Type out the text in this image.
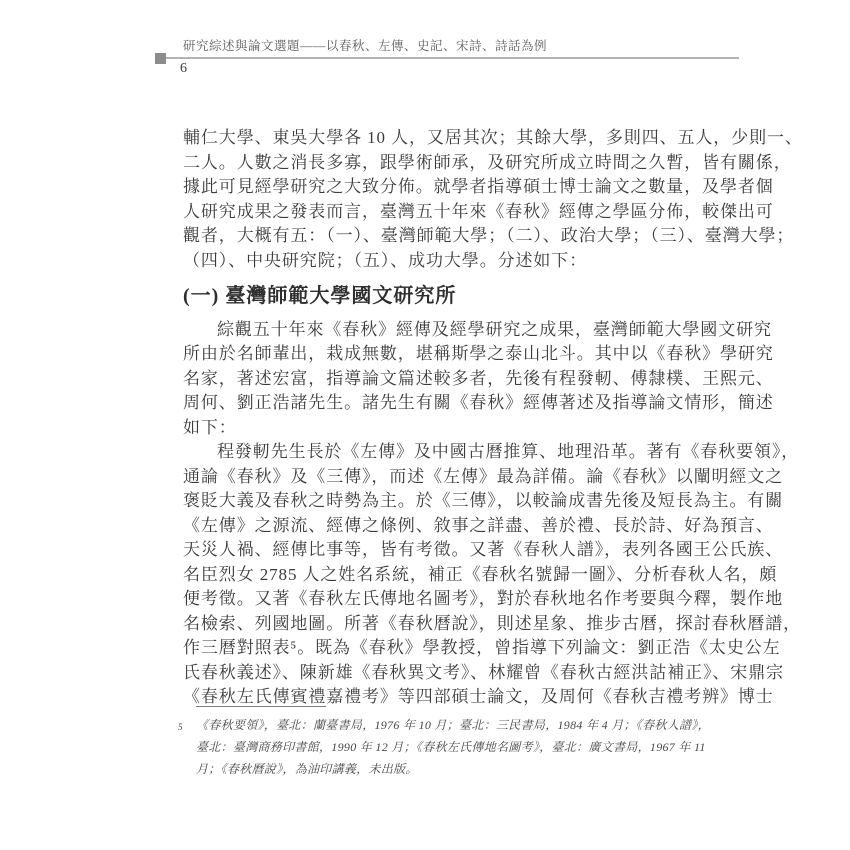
研究綜述與論文選題——以春秋、左傳、史記、宋詩、詩話為例
6
輔仁大學、東吳大學各 10 人，又居其次；其餘大學，多則四、五人，少則一、
二人。人數之消長多寡，跟學術師承，及研究所成立時間之久暫，皆有關係，
據此可見經學研究之大致分佈。就學者指導碩士博士論文之數量，及學者個
人研究成果之發表而言，臺灣五十年來《春秋》經傳之學區分佈，較傑出可
觀者，大概有五：（一）、臺灣師範大學；（二）、政治大學；（三）、臺灣大學；
（四）、中央研究院；（五）、成功大學。分述如下：
(一) 臺灣師範大學國文研究所
綜觀五十年來《春秋》經傳及經學研究之成果，臺灣師範大學國文研究
所由於名師輩出，栽成無數，堪稱斯學之泰山北斗。其中以《春秋》學研究
名家，著述宏富，指導論文篇述較多者，先後有程發軔、傅隸樸、王熙元、
周何、劉正浩諸先生。諸先生有關《春秋》經傳著述及指導論文情形，簡述
如下：
程發軔先生長於《左傳》及中國古曆推算、地理沿革。著有《春秋要領》，
通論《春秋》及《三傳》，而述《左傳》最為詳備。論《春秋》以闡明經文之
褒貶大義及春秋之時勢為主。於《三傳》，以較論成書先後及短長為主。有關
《左傳》之源流、經傳之條例、敘事之詳盡、善於禮、長於詩、好為預言、
天災人禍、經傳比事等，皆有考徵。又著《春秋人譜》，表列各國王公氏族、
名臣烈女 2785 人之姓名系統，補正《春秋名號歸一圖》、分析春秋人名，頗
便考徵。又著《春秋左氏傳地名圖考》，對於春秋地名作考要與今釋，製作地
名檢索、列國地圖。所著《春秋曆說》，則述星象、推步古曆，探討春秋曆譜，
作三曆對照表⁵。既為《春秋》學教授，曾指導下列論文：劉正浩《太史公左
氏春秋義述》、陳新雄《春秋異文考》、林耀曾《春秋古經洪詁補正》、宋鼎宗
《春秋左氏傳賓禮嘉禮考》等四部碩士論文，及周何《春秋吉禮考辨》博士
5 《春秋要領》，臺北：蘭臺書局，1976 年 10 月；臺北：三民書局，1984 年 4 月；《春秋人譜》，
臺北：臺灣商務印書館，1990 年 12 月；《春秋左氏傳地名圖考》，臺北：廣文書局，1967 年 11
月；《春秋曆說》，為油印講義，未出版。
